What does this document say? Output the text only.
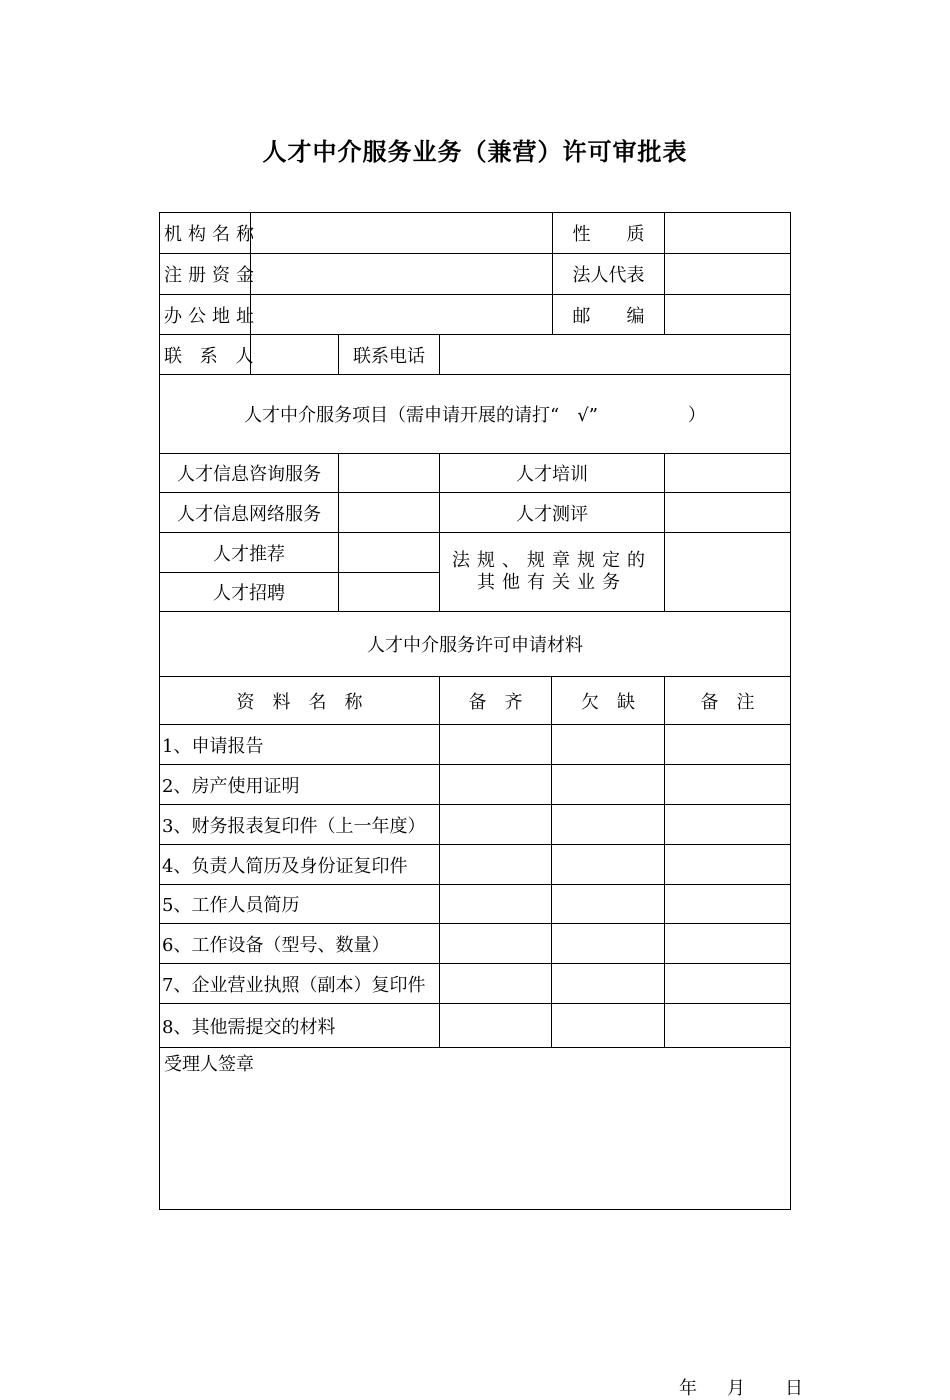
人才中介服务业务（兼营）许可审批表
机构名称	性　　质
注册资金	法人代表
办公地址	邮　　编
联 系 人	联系电话
人才中介服务项目（需申请开展的请打“　√”　　　　　）
人才信息咨询服务	人才培训
人才信息网络服务	人才测评
人才推荐
人才招聘
法规、规章规定的
其他有关业务
人才中介服务许可申请材料
资　料　名　称	备　齐	欠　缺	备　注
1、申请报告
2、房产使用证明
3、财务报表复印件（上一年度）
4、负责人简历及身份证复印件
5、工作人员简历
6、工作设备（型号、数量）
7、企业营业执照（副本）复印件
8、其他需提交的材料
受理人签章
年 月 日
